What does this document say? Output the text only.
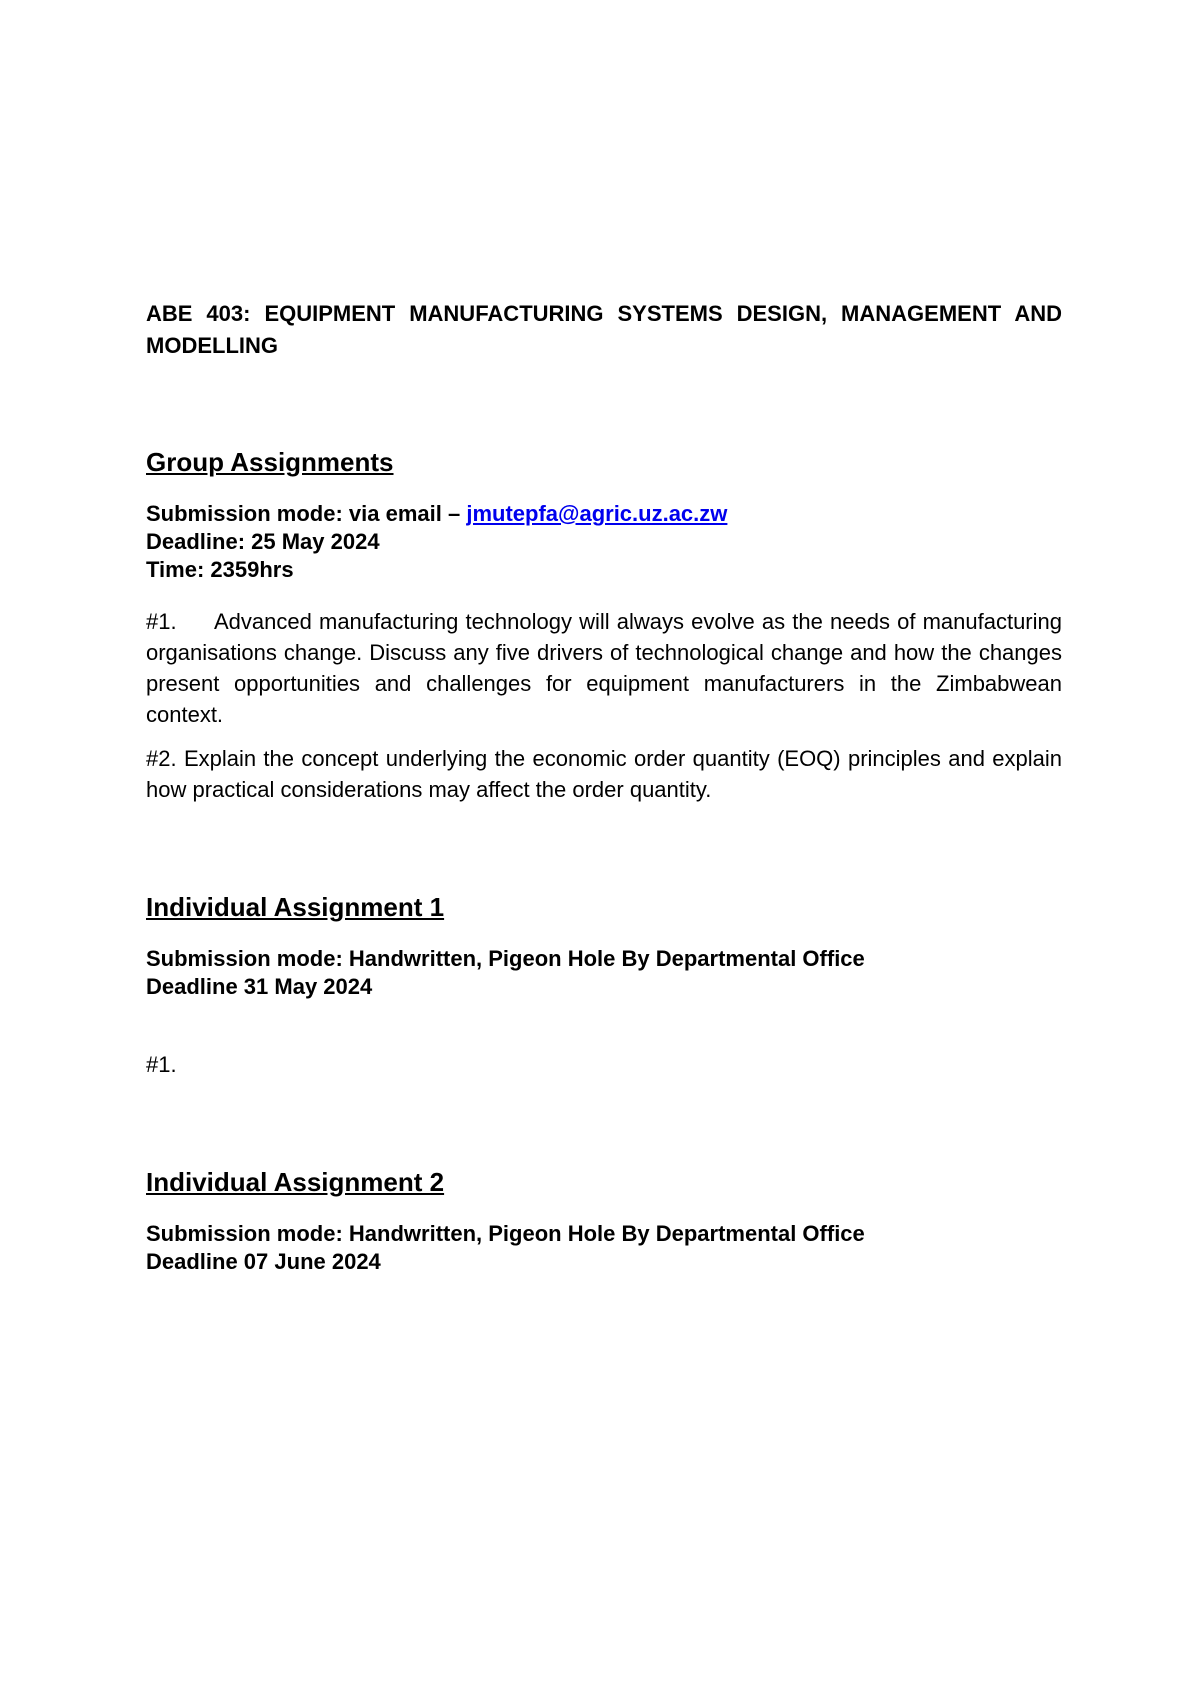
ABE 403: EQUIPMENT MANUFACTURING SYSTEMS DESIGN, MANAGEMENT AND MODELLING

Group Assignments

Submission mode: via email – jmutepfa@agric.uz.ac.zw

Deadline: 25 May 2024

Time: 2359hrs

#1. Advanced manufacturing technology will always evolve as the needs of manufacturing organisations change. Discuss any five drivers of technological change and how the changes present opportunities and challenges for equipment manufacturers in the Zimbabwean context.

#2. Explain the concept underlying the economic order quantity (EOQ) principles and explain how practical considerations may affect the order quantity.

Individual Assignment 1

Submission mode: Handwritten, Pigeon Hole By Departmental Office

Deadline 31 May 2024

#1.

Individual Assignment 2

Submission mode: Handwritten, Pigeon Hole By Departmental Office

Deadline 07 June 2024
